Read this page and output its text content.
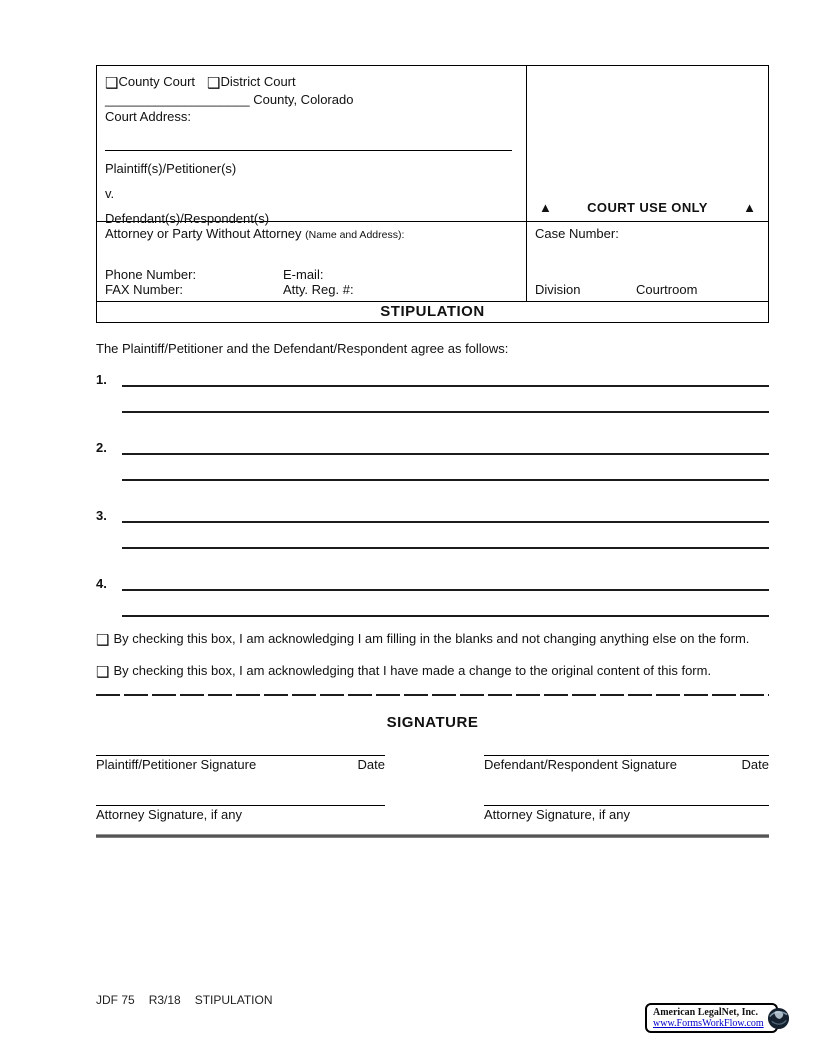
❑County Court ❑District Court
____________________ County, Colorado
Court Address:
Plaintiff(s)/Petitioner(s)
v.
Defendant(s)/Respondent(s)
▲	COURT USE ONLY	▲
Attorney or Party Without Attorney (Name and Address):
Phone Number:	E-mail:
FAX Number:	Atty. Reg. #:
Case Number:
Division	Courtroom
STIPULATION
The Plaintiff/Petitioner and the Defendant/Respondent agree as follows:
1.
2.
3.
4.
❑ By checking this box, I am acknowledging I am filling in the blanks and not changing anything else on the form.
❑ By checking this box, I am acknowledging that I have made a change to the original content of this form.
SIGNATURE
Plaintiff/Petitioner Signature	Date	Defendant/Respondent Signature	Date
Attorney Signature, if any	Attorney Signature, if any
JDF 75 R3/18 STIPULATION
American LegalNet, Inc.
www.FormsWorkFlow.com
